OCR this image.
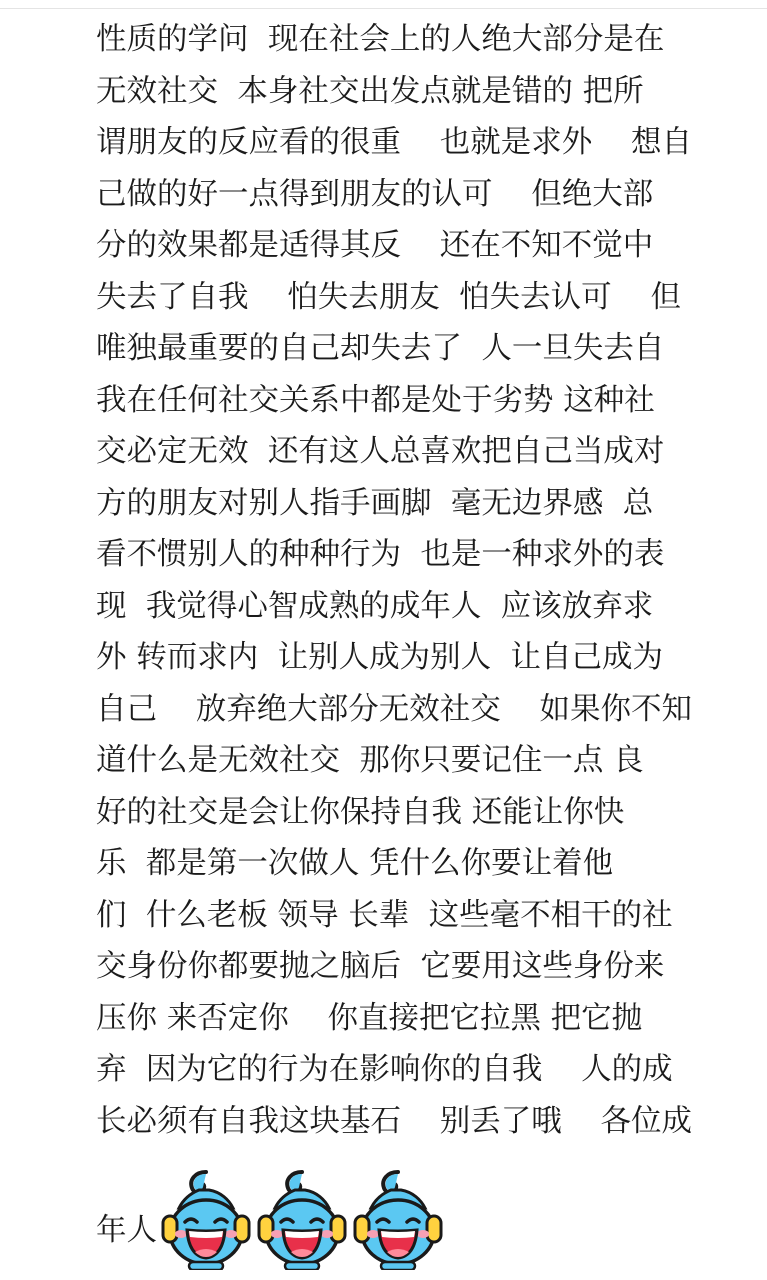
性质的学问  现在社会上的人绝大部分是在
无效社交  本身社交出发点就是错的 把所
谓朋友的反应看的很重    也就是求外    想自
己做的好一点得到朋友的认可    但绝大部
分的效果都是适得其反    还在不知不觉中
失去了自我    怕失去朋友  怕失去认可    但
唯独最重要的自己却失去了  人一旦失去自
我在任何社交关系中都是处于劣势 这种社
交必定无效  还有这人总喜欢把自己当成对
方的朋友对别人指手画脚  毫无边界感  总
看不惯别人的种种行为  也是一种求外的表
现  我觉得心智成熟的成年人  应该放弃求
外 转而求内  让别人成为别人  让自己成为
自己    放弃绝大部分无效社交    如果你不知
道什么是无效社交  那你只要记住一点 良
好的社交是会让你保持自我 还能让你快
乐  都是第一次做人 凭什么你要让着他
们  什么老板 领导 长辈  这些毫不相干的社
交身份你都要抛之脑后  它要用这些身份来
压你 来否定你    你直接把它拉黑 把它抛
弃  因为它的行为在影响你的自我    人的成
长必须有自我这块基石    别丢了哦    各位成
年人
